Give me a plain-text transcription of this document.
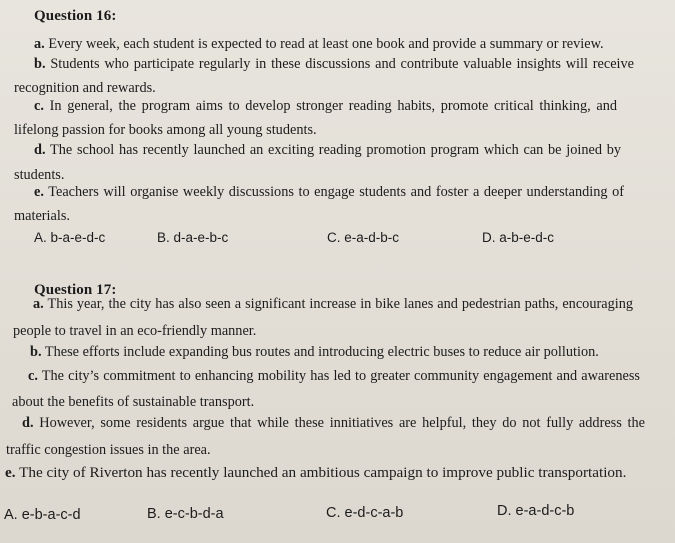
Question 16:
a. Every week, each student is expected to read at least one book and provide a summary or review.
b. Students who participate regularly in these discussions and contribute valuable insights will receive
recognition and rewards.
c. In general, the program aims to develop stronger reading habits, promote critical thinking, and
lifelong passion for books among all young students.
d. The school has recently launched an exciting reading promotion program which can be joined by
students.
e. Teachers will organise weekly discussions to engage students and foster a deeper understanding of
materials.
A. b-a-e-d-c	B. d-a-e-b-c	C. e-a-d-b-c	D. a-b-e-d-c
Question 17:
a. This year, the city has also seen a significant increase in bike lanes and pedestrian paths, encouraging
people to travel in an eco-friendly manner.
b. These efforts include expanding bus routes and introducing electric buses to reduce air pollution.
c. The city’s commitment to enhancing mobility has led to greater community engagement and awareness
about the benefits of sustainable transport.
d. However, some residents argue that while these innitiatives are helpful, they do not fully address the
traffic congestion issues in the area.
e. The city of Riverton has recently launched an ambitious campaign to improve public transportation.
A. e-b-a-c-d	B. e-c-b-d-a	C. e-d-c-a-b	D. e-a-d-c-b
